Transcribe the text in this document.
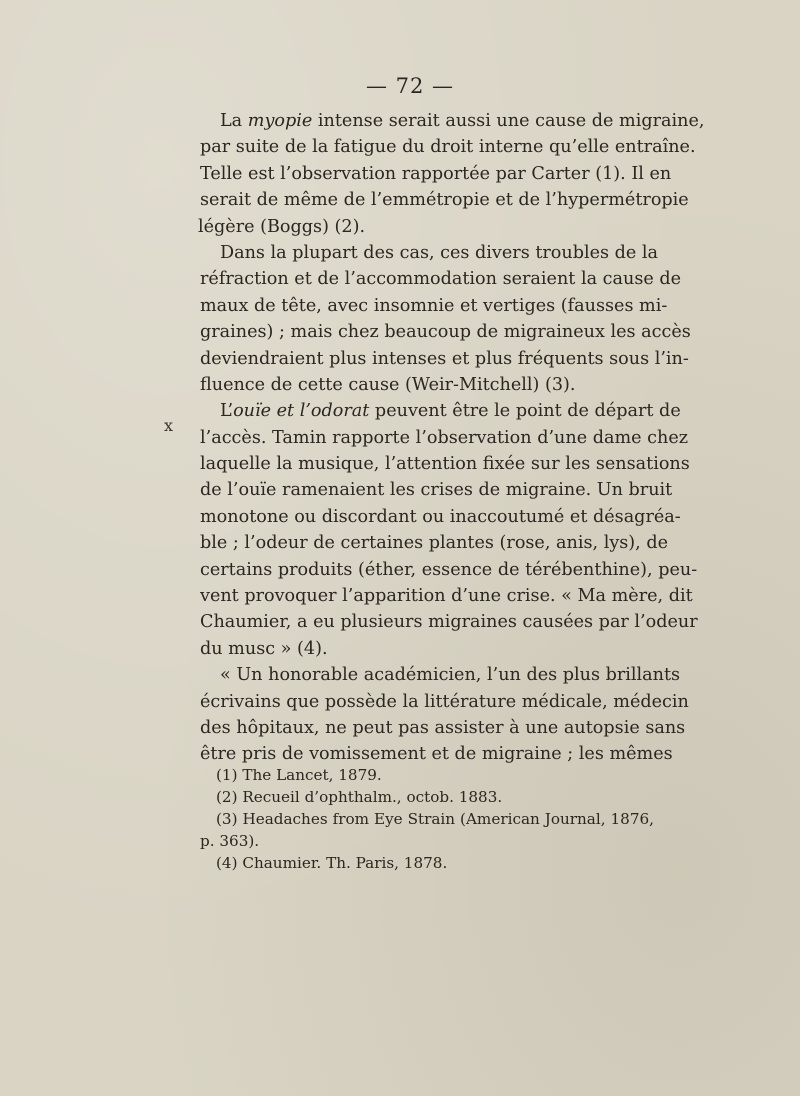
— 72 —
x
La myopie intense serait aussi une cause de migraine,
par suite de la fatigue du droit interne qu’elle entraîne.
Telle est l’observation rapportée par Carter (1). Il en
serait de même de l’emmétropie et de l’hypermétropie
légère (Boggs) (2).
Dans la plupart des cas, ces divers troubles de la
réfraction et de l’accommodation seraient la cause de
maux de tête, avec insomnie et vertiges (fausses mi-
graines) ; mais chez beaucoup de migraineux les accès
deviendraient plus intenses et plus fréquents sous l’in-
fluence de cette cause (Weir-Mitchell) (3).
L’ouïe et l’odorat peuvent être le point de départ de
l’accès. Tamin rapporte l’observation d’une dame chez
laquelle la musique, l’attention fixée sur les sensations
de l’ouïe ramenaient les crises de migraine. Un bruit
monotone ou discordant ou inaccoutumé et désagréa-
ble ; l’odeur de certaines plantes (rose, anis, lys), de
certains produits (éther, essence de térébenthine), peu-
vent provoquer l’apparition d’une crise. « Ma mère, dit
Chaumier, a eu plusieurs migraines causées par l’odeur
du musc » (4).
« Un honorable académicien, l’un des plus brillants
écrivains que possède la littérature médicale, médecin
des hôpitaux, ne peut pas assister à une autopsie sans
être pris de vomissement et de migraine ; les mêmes
(1) The Lancet, 1879.
(2) Recueil d’ophthalm., octob. 1883.
(3) Headaches from Eye Strain (American Journal, 1876,
p. 363).
(4) Chaumier. Th. Paris, 1878.
